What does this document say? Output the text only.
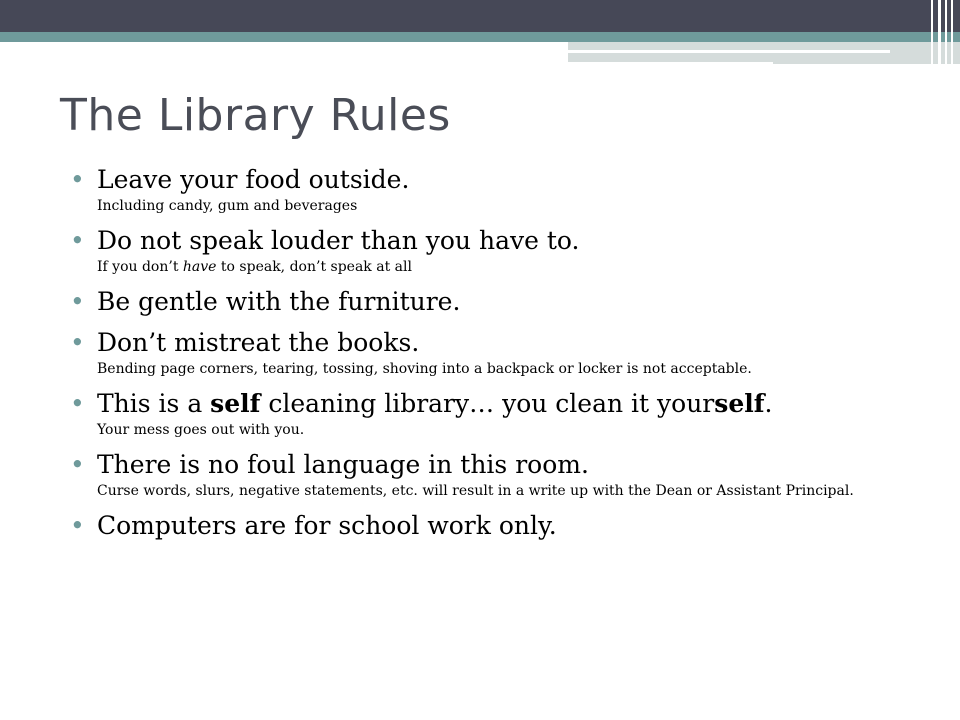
The Library Rules
• Leave your food outside.
Including candy, gum and beverages
• Do not speak louder than you have to.
If you don’t have to speak, don’t speak at all
• Be gentle with the furniture.
• Don’t mistreat the books.
Bending page corners, tearing, tossing, shoving into a backpack or locker is not acceptable.
• This is a self cleaning library… you clean it yourself.
Your mess goes out with you.
• There is no foul language in this room.
Curse words, slurs, negative statements, etc. will result in a write up with the Dean or Assistant Principal.
• Computers are for school work only.
